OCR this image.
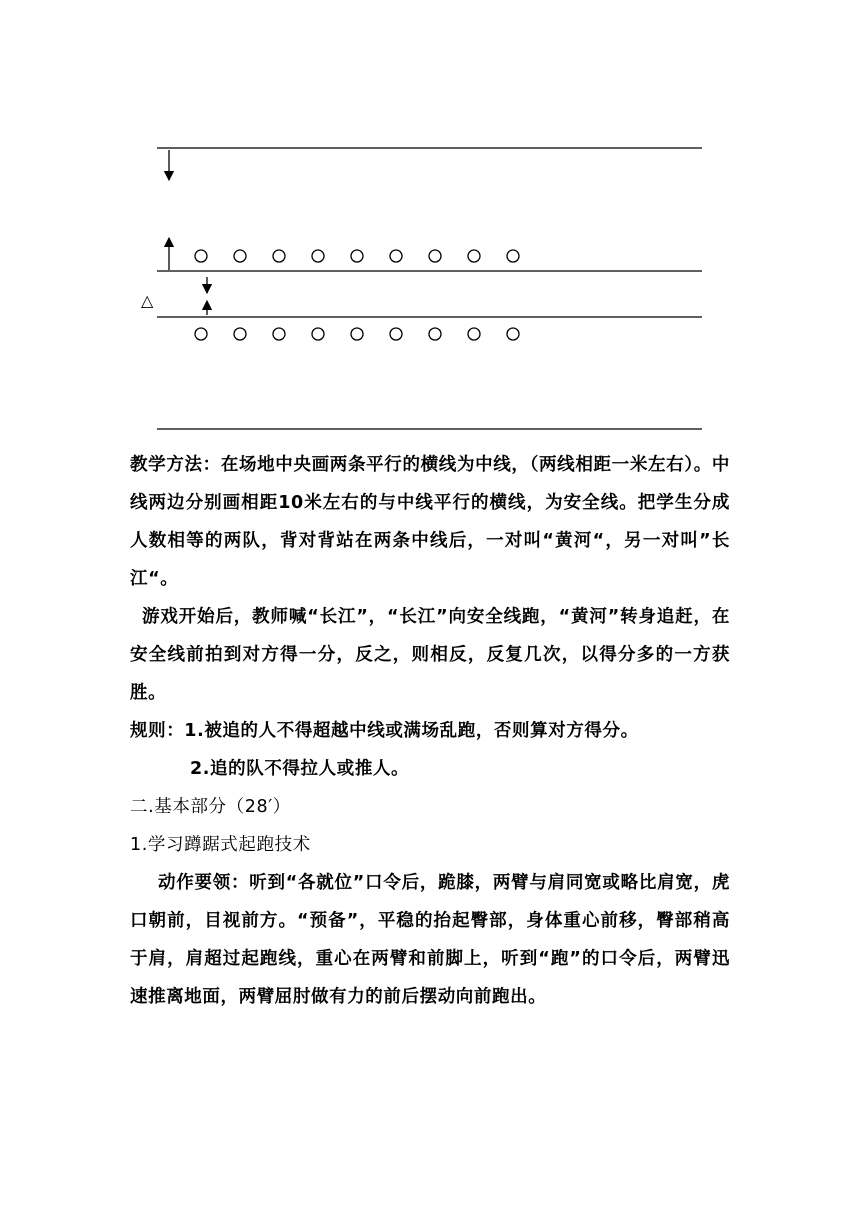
△

教学方法：在场地中央画两条平行的横线为中线，（两线相距一米左右）。中线两边分别画相距10米左右的与中线平行的横线，为安全线。把学生分成人数相等的两队，背对背站在两条中线后，一对叫“黄河“，另一对叫”长江“。

游戏开始后，教师喊“长江”，“长江”向安全线跑，“黄河”转身追赶，在安全线前拍到对方得一分，反之，则相反，反复几次，以得分多的一方获胜。

规则：1.被追的人不得超越中线或满场乱跑，否则算对方得分。

2.追的队不得拉人或推人。

二.基本部分（28′）

1.学习蹲踞式起跑技术

动作要领：听到“各就位”口令后，跪膝，两臂与肩同宽或略比肩宽，虎口朝前，目视前方。“预备”，平稳的抬起臀部，身体重心前移，臀部稍高于肩，肩超过起跑线，重心在两臂和前脚上，听到“跑”的口令后，两臂迅速推离地面，两臂屈肘做有力的前后摆动向前跑出。
